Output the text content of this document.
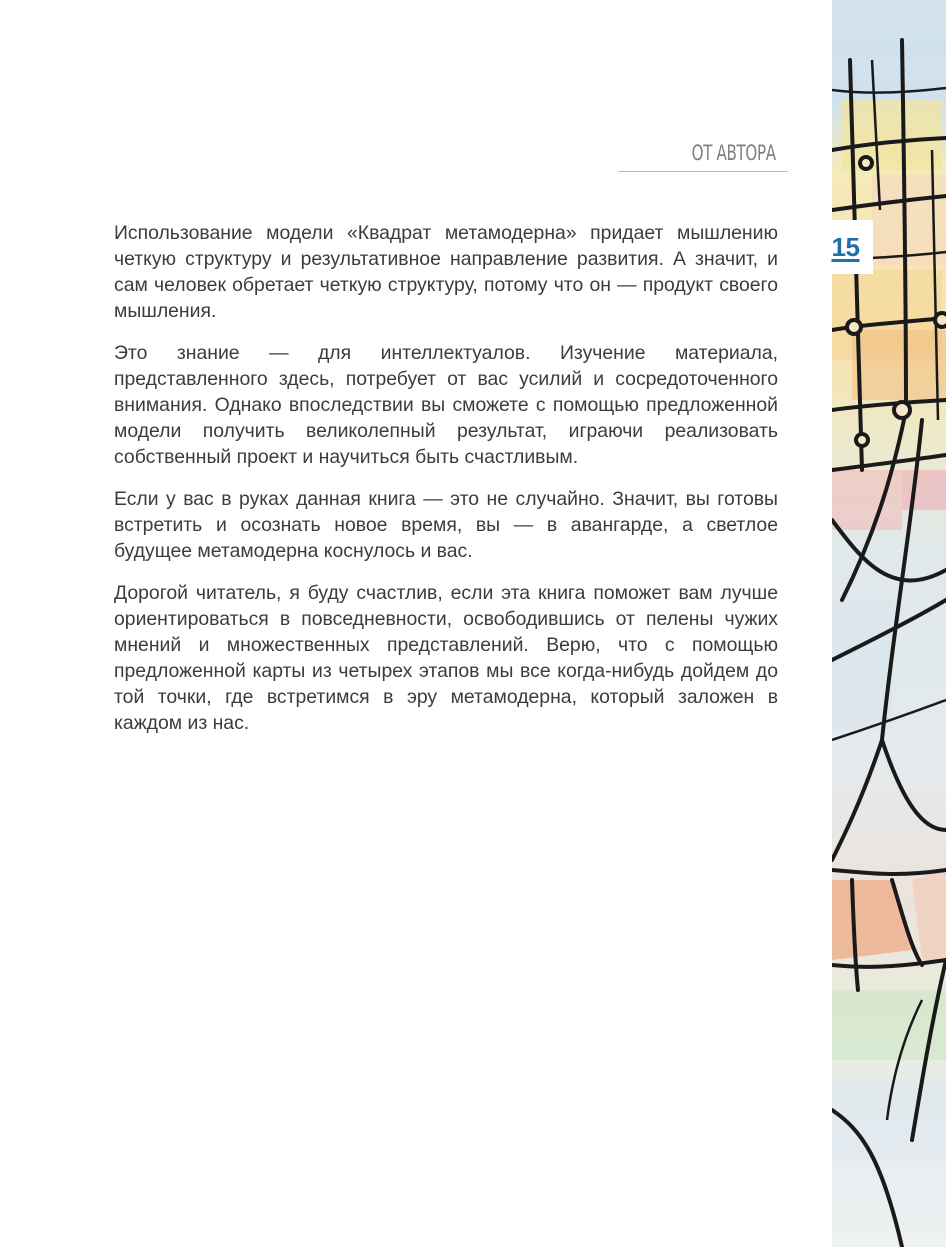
ОТ АВТОРА

Использование модели «Квадрат метамодерна» придает мышлению четкую структуру и результативное направление развития. А значит, и сам человек обретает четкую структуру, потому что он — продукт своего мышления.

Это знание — для интеллектуалов. Изучение материала, представленного здесь, потребует от вас усилий и сосредоточенного внимания. Однако впоследствии вы сможете с помощью предложенной модели получить великолепный результат, играючи реализовать собственный проект и научиться быть счастливым.

Если у вас в руках данная книга — это не случайно. Значит, вы готовы встретить и осознать новое время, вы — в авангарде, а светлое будущее метамодерна коснулось и вас.

Дорогой читатель, я буду счастлив, если эта книга поможет вам лучше ориентироваться в повседневности, освободившись от пелены чужих мнений и множественных представлений. Верю, что с помощью предложенной карты из четырех этапов мы все когда-нибудь дойдем до той точки, где встретимся в эру метамодерна, который заложен в каждом из нас.

15
